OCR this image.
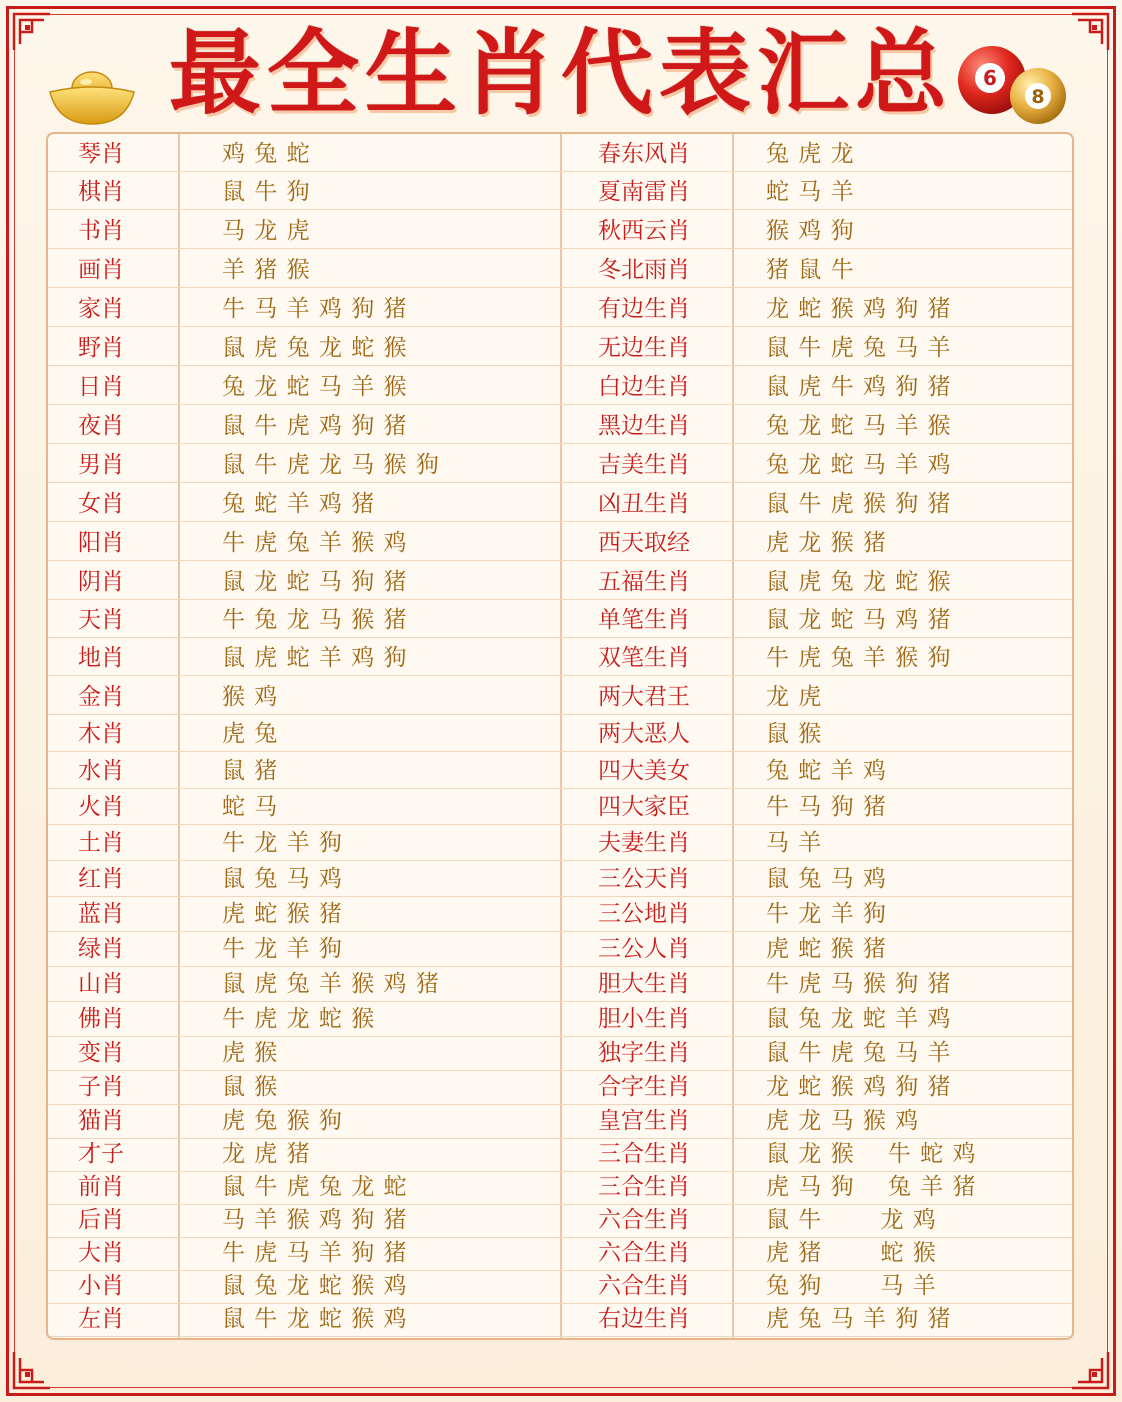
最全生肖代表汇总	6
8
琴肖	鸡 兔 蛇	春东风肖	兔 虎 龙
棋肖	鼠 牛 狗	夏南雷肖	蛇 马 羊
书肖	马 龙 虎	秋西云肖	猴 鸡 狗
画肖	羊 猪 猴	冬北雨肖	猪 鼠 牛
家肖	牛 马 羊 鸡 狗 猪	有边生肖	龙 蛇 猴 鸡 狗 猪
野肖	鼠 虎 兔 龙 蛇 猴	无边生肖	鼠 牛 虎 兔 马 羊
日肖	兔 龙 蛇 马 羊 猴	白边生肖	鼠 虎 牛 鸡 狗 猪
夜肖	鼠 牛 虎 鸡 狗 猪	黑边生肖	兔 龙 蛇 马 羊 猴
男肖	鼠 牛 虎 龙 马 猴 狗	吉美生肖	兔 龙 蛇 马 羊 鸡
女肖	兔 蛇 羊 鸡 猪	凶丑生肖	鼠 牛 虎 猴 狗 猪
阳肖	牛 虎 兔 羊 猴 鸡	西天取经	虎 龙 猴 猪
阴肖	鼠 龙 蛇 马 狗 猪	五福生肖	鼠 虎 兔 龙 蛇 猴
天肖	牛 兔 龙 马 猴 猪	单笔生肖	鼠 龙 蛇 马 鸡 猪
地肖	鼠 虎 蛇 羊 鸡 狗	双笔生肖	牛 虎 兔 羊 猴 狗
金肖	猴 鸡	两大君王	龙 虎
木肖	虎 兔	两大恶人	鼠 猴
水肖	鼠 猪	四大美女	兔 蛇 羊 鸡
火肖	蛇 马	四大家臣	牛 马 狗 猪
土肖	牛 龙 羊 狗	夫妻生肖	马 羊
红肖	鼠 兔 马 鸡	三公天肖	鼠 兔 马 鸡
蓝肖	虎 蛇 猴 猪	三公地肖	牛 龙 羊 狗
绿肖	牛 龙 羊 狗	三公人肖	虎 蛇 猴 猪
山肖	鼠 虎 兔 羊 猴 鸡 猪	胆大生肖	牛 虎 马 猴 狗 猪
佛肖	牛 虎 龙 蛇 猴	胆小生肖	鼠 兔 龙 蛇 羊 鸡
变肖	虎 猴	独字生肖	鼠 牛 虎 兔 马 羊
子肖	鼠 猴	合字生肖	龙 蛇 猴 鸡 狗 猪
猫肖	虎 兔 猴 狗	皇宫生肖	虎 龙 马 猴 鸡
才子	龙 虎 猪	三合生肖	鼠 龙 猴    牛 蛇 鸡
前肖	鼠 牛 虎 兔 龙 蛇	三合生肖	虎 马 狗    兔 羊 猪
后肖	马 羊 猴 鸡 狗 猪	六合生肖	鼠 牛       龙 鸡
大肖	牛 虎 马 羊 狗 猪	六合生肖	虎 猪       蛇 猴
小肖	鼠 兔 龙 蛇 猴 鸡	六合生肖	兔 狗       马 羊
左肖	鼠 牛 龙 蛇 猴 鸡	右边生肖	虎 兔 马 羊 狗 猪
